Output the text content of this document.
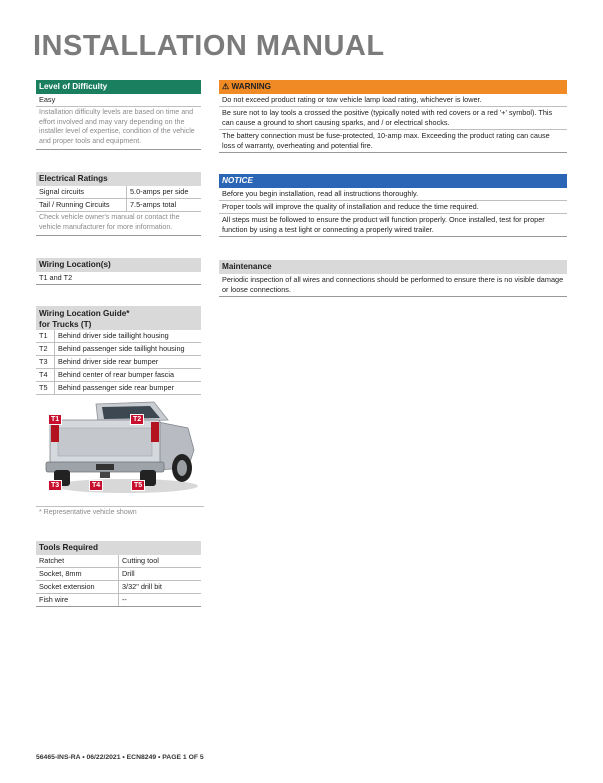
INSTALLATION MANUAL
Level of Difficulty
Easy
Installation difficulty levels are based on time and effort involved and may vary depending on the installer level of expertise, condition of the vehicle and proper tools and equipment.
Electrical Ratings
Signal circuits	5.0-amps per side
Tail / Running Circuits	7.5-amps total
Check vehicle owner's manual or contact the vehicle manufacturer for more information.
Wiring Location(s)
T1 and T2
Wiring Location Guide*
for Trucks (T)
T1	Behind driver side taillight housing
T2	Behind passenger side taillight housing
T3	Behind driver side rear bumper
T4	Behind center of rear bumper fascia
T5	Behind passenger side rear bumper
T1	T2
T3	T4	T5
* Representative vehicle shown
Tools Required
Ratchet	Cutting tool
Socket, 8mm	Drill
Socket extension	3/32" drill bit
Fish wire	--
⚠ WARNING
Do not exceed product rating or tow vehicle lamp load rating, whichever is lower.
Be sure not to lay tools a crossed the positive (typically noted with red covers or a red '+' symbol). This can cause a ground to short causing sparks, and / or electrical shocks.
The battery connection must be fuse-protected, 10-amp max. Exceeding the product rating can cause loss of warranty, overheating and potential fire.
NOTICE
Before you begin installation, read all instructions thoroughly.
Proper tools will improve the quality of installation and reduce the time required.
All steps must be followed to ensure the product will function properly. Once installed, test for proper function by using a test light or connecting a properly wired trailer.
Maintenance
Periodic inspection of all wires and connections should be performed to ensure there is no visible damage or loose connections.
56465-INS-RA • 06/22/2021 • ECN8249 • PAGE 1 OF 5
